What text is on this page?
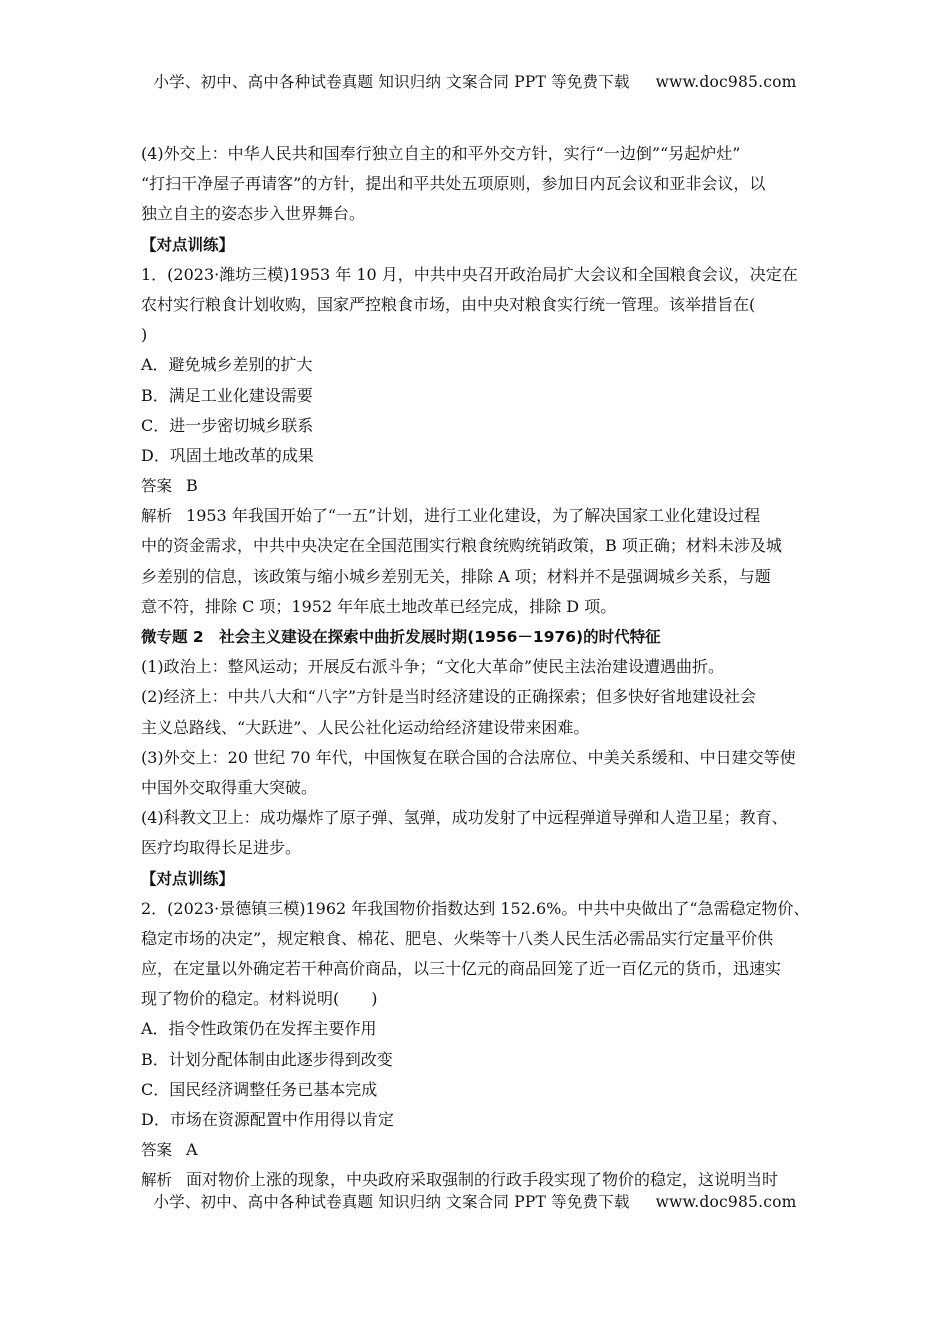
小学、初中、高中各种试卷真题 知识归纳 文案合同 PPT 等免费下载 www.doc985.com
(4)外交上：中华人民共和国奉行独立自主的和平外交方针，实行“一边倒”“另起炉灶”
“打扫干净屋子再请客”的方针，提出和平共处五项原则，参加日内瓦会议和亚非会议，以
独立自主的姿态步入世界舞台。
【对点训练】
1．(2023·潍坊三模)1953 年 10 月，中共中央召开政治局扩大会议和全国粮食会议，决定在
农村实行粮食计划收购，国家严控粮食市场，由中央对粮食实行统一管理。该举措旨在(
)
A．避免城乡差别的扩大
B．满足工业化建设需要
C．进一步密切城乡联系
D．巩固土地改革的成果
答案 B
解析 1953 年我国开始了“一五”计划，进行工业化建设，为了解决国家工业化建设过程
中的资金需求，中共中央决定在全国范围实行粮食统购统销政策，B 项正确；材料未涉及城
乡差别的信息，该政策与缩小城乡差别无关，排除 A 项；材料并不是强调城乡关系，与题
意不符，排除 C 项；1952 年年底土地改革已经完成，排除 D 项。
微专题 2　社会主义建设在探索中曲折发展时期(1956－1976)的时代特征
(1)政治上：整风运动；开展反右派斗争；“文化大革命”使民主法治建设遭遇曲折。
(2)经济上：中共八大和“八字”方针是当时经济建设的正确探索；但多快好省地建设社会
主义总路线、“大跃进”、人民公社化运动给经济建设带来困难。
(3)外交上：20 世纪 70 年代，中国恢复在联合国的合法席位、中美关系缓和、中日建交等使
中国外交取得重大突破。
(4)科教文卫上：成功爆炸了原子弹、氢弹，成功发射了中远程弹道导弹和人造卫星；教育、
医疗均取得长足进步。
【对点训练】
2．(2023·景德镇三模)1962 年我国物价指数达到 152.6%。中共中央做出了“急需稳定物价、
稳定市场的决定”，规定粮食、棉花、肥皂、火柴等十八类人民生活必需品实行定量平价供
应，在定量以外确定若干种高价商品，以三十亿元的商品回笼了近一百亿元的货币，迅速实
现了物价的稳定。材料说明(　　)
A．指令性政策仍在发挥主要作用
B．计划分配体制由此逐步得到改变
C．国民经济调整任务已基本完成
D．市场在资源配置中作用得以肯定
答案 A
解析 面对物价上涨的现象，中央政府采取强制的行政手段实现了物价的稳定，这说明当时
小学、初中、高中各种试卷真题 知识归纳 文案合同 PPT 等免费下载 www.doc985.com
